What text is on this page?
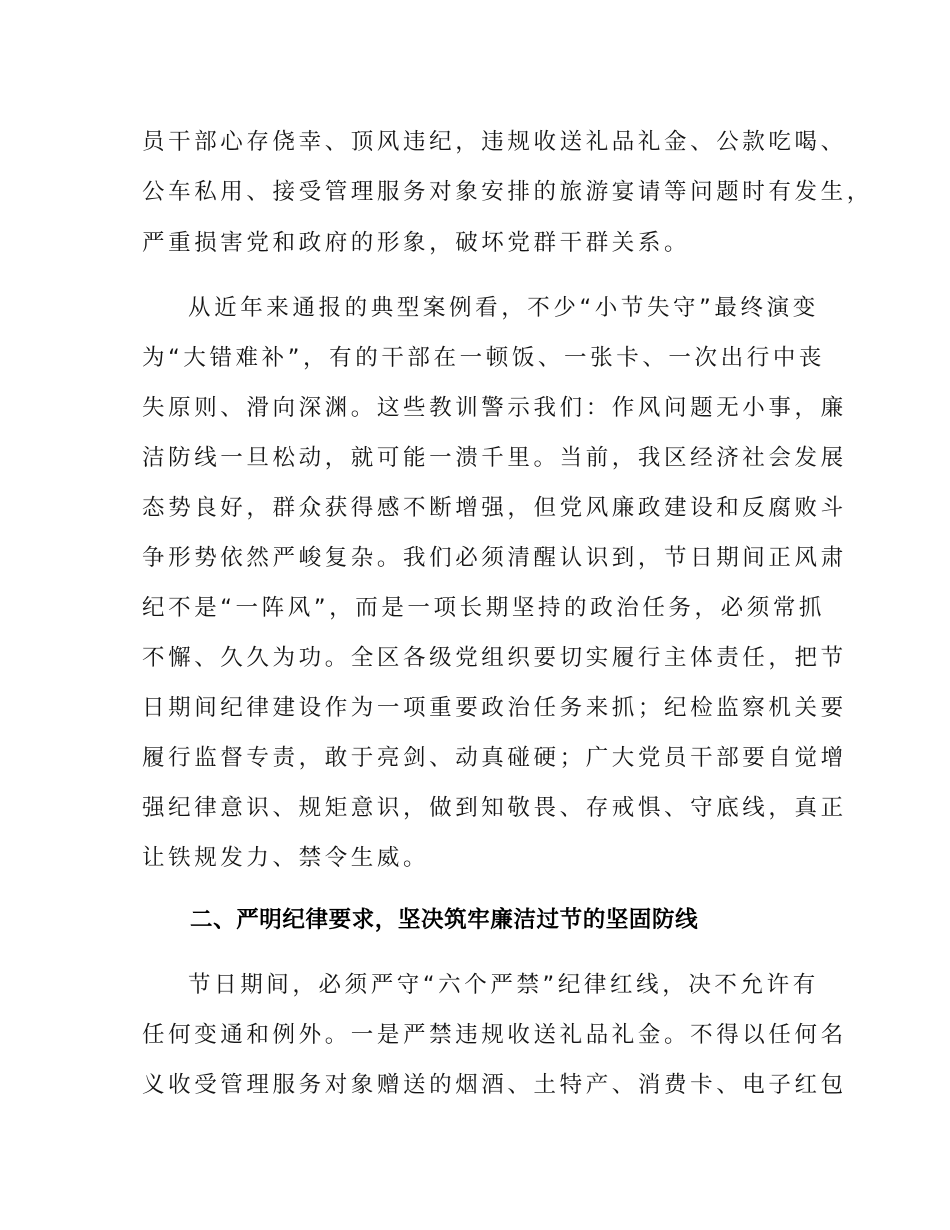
员干部心存侥幸、顶风违纪，违规收送礼品礼金、公款吃喝、
公车私用、接受管理服务对象安排的旅游宴请等问题时有发生，
严重损害党和政府的形象，破坏党群干群关系。
从近年来通报的典型案例看，不少“小节失守”最终演变
为“大错难补”，有的干部在一顿饭、一张卡、一次出行中丧
失原则、滑向深渊。这些教训警示我们：作风问题无小事，廉
洁防线一旦松动，就可能一溃千里。当前，我区经济社会发展
态势良好，群众获得感不断增强，但党风廉政建设和反腐败斗
争形势依然严峻复杂。我们必须清醒认识到，节日期间正风肃
纪不是“一阵风”，而是一项长期坚持的政治任务，必须常抓
不懈、久久为功。全区各级党组织要切实履行主体责任，把节
日期间纪律建设作为一项重要政治任务来抓；纪检监察机关要
履行监督专责，敢于亮剑、动真碰硬；广大党员干部要自觉增
强纪律意识、规矩意识，做到知敬畏、存戒惧、守底线，真正
让铁规发力、禁令生威。
二、严明纪律要求，坚决筑牢廉洁过节的坚固防线
节日期间，必须严守“六个严禁”纪律红线，决不允许有
任何变通和例外。一是严禁违规收送礼品礼金。不得以任何名
义收受管理服务对象赠送的烟酒、土特产、消费卡、电子红包
